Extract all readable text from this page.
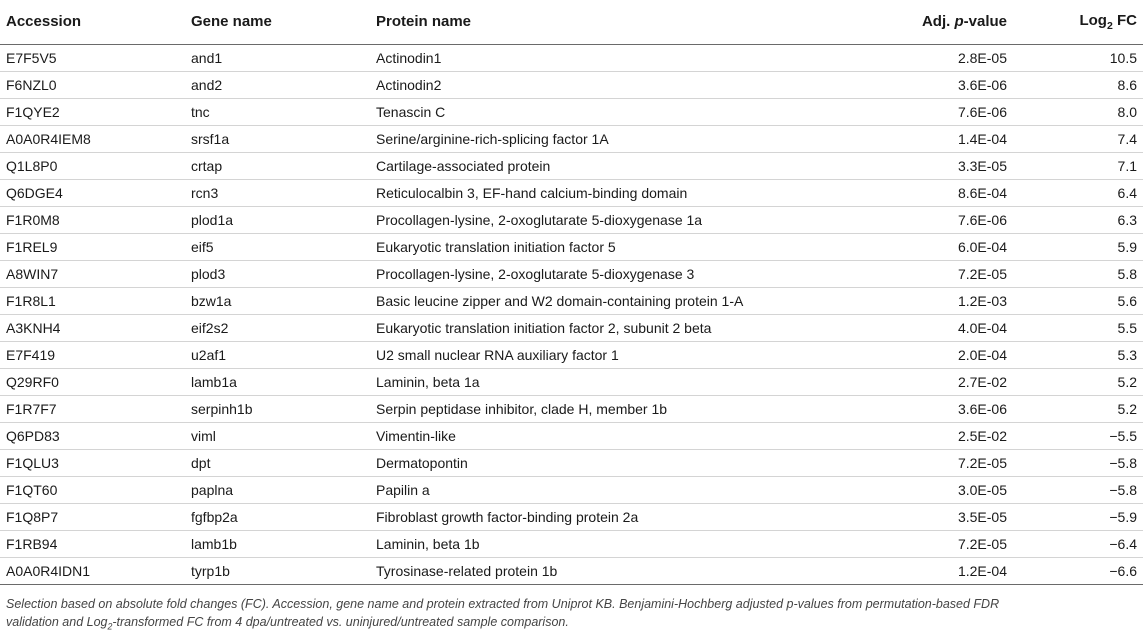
Accession	Gene name	Protein name	Adj. p-value	Log$_2$ FC
E7F5V5	and1	Actinodin1	2.8E-05	10.5
F6NZL0	and2	Actinodin2	3.6E-06	8.6
F1QYE2	tnc	Tenascin C	7.6E-06	8.0
A0A0R4IEM8	srsf1a	Serine/arginine-rich-splicing factor 1A	1.4E-04	7.4
Q1L8P0	crtap	Cartilage-associated protein	3.3E-05	7.1
Q6DGE4	rcn3	Reticulocalbin 3, EF-hand calcium-binding domain	8.6E-04	6.4
F1R0M8	plod1a	Procollagen-lysine, 2-oxoglutarate 5-dioxygenase 1a	7.6E-06	6.3
F1REL9	eif5	Eukaryotic translation initiation factor 5	6.0E-04	5.9
A8WIN7	plod3	Procollagen-lysine, 2-oxoglutarate 5-dioxygenase 3	7.2E-05	5.8
F1R8L1	bzw1a	Basic leucine zipper and W2 domain-containing protein 1-A	1.2E-03	5.6
A3KNH4	eif2s2	Eukaryotic translation initiation factor 2, subunit 2 beta	4.0E-04	5.5
E7F419	u2af1	U2 small nuclear RNA auxiliary factor 1	2.0E-04	5.3
Q29RF0	lamb1a	Laminin, beta 1a	2.7E-02	5.2
F1R7F7	serpinh1b	Serpin peptidase inhibitor, clade H, member 1b	3.6E-06	5.2
Q6PD83	viml	Vimentin-like	2.5E-02	−5.5
F1QLU3	dpt	Dermatopontin	7.2E-05	−5.8
F1QT60	paplna	Papilin a	3.0E-05	−5.8
F1Q8P7	fgfbp2a	Fibroblast growth factor-binding protein 2a	3.5E-05	−5.9
F1RB94	lamb1b	Laminin, beta 1b	7.2E-05	−6.4
A0A0R4IDN1	tyrp1b	Tyrosinase-related protein 1b	1.2E-04	−6.6

Selection based on absolute fold changes (FC). Accession, gene name and protein extracted from Uniprot KB. Benjamini-Hochberg adjusted p-values from permutation-based FDR

validation and Log$_2$-transformed FC from 4 dpa/untreated vs. uninjured/untreated sample comparison.
